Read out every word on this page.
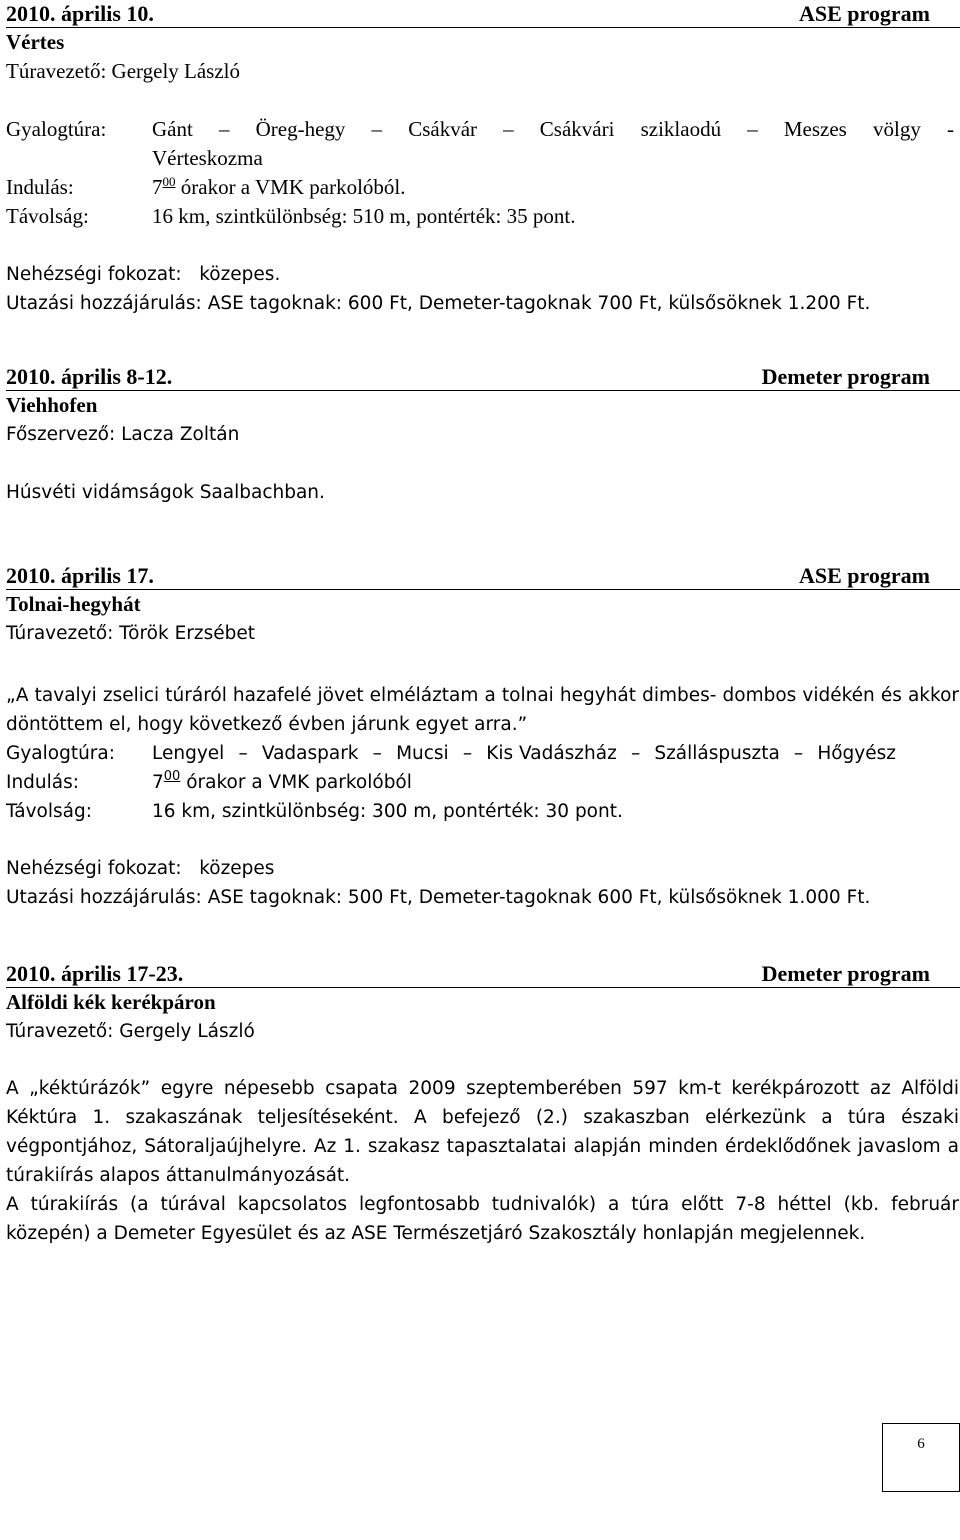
2010. április 10.	ASE program
Vértes
Túravezető: Gergely László
Gyalogtúra:	Gánt – Öreg-hegy – Csákvár – Csákvári sziklaodú – Meszes völgy -
Vérteskozma
Indulás:	$7^{00}$ órakor a VMK parkolóból.
Távolság:	16 km, szintkülönbség: 510 m, pontérték: 35 pont.
Nehézségi fokozat: közepes.
Utazási hozzájárulás: ASE tagoknak: 600 Ft, Demeter-tagoknak 700 Ft, külsősöknek 1.200 Ft.
2010. április 8-12.	Demeter program
Viehhofen
Főszervező: Lacza Zoltán
Húsvéti vidámságok Saalbachban.
2010. április 17.	ASE program
Tolnai-hegyhát
Túravezető: Török Erzsébet
„A tavalyi zselici túráról hazafelé jövet elméláztam a tolnai hegyhát dimbes- dombos vidékén és akkor döntöttem el, hogy következő évben járunk egyet arra.”
Gyalogtúra:	Lengyel – Vadaspark – Mucsi – Kis Vadászház – Szálláspuszta – Hőgyész
Indulás:	$7^{00}$ órakor a VMK parkolóból
Távolság:	16 km, szintkülönbség: 300 m, pontérték: 30 pont.
Nehézségi fokozat: közepes
Utazási hozzájárulás: ASE tagoknak: 500 Ft, Demeter-tagoknak 600 Ft, külsősöknek 1.000 Ft.
2010. április 17-23.	Demeter program
Alföldi kék kerékpáron
Túravezető: Gergely László
A „kéktúrázók” egyre népesebb csapata 2009 szeptemberében 597 km-t kerékpározott az Alföldi Kéktúra 1. szakaszának teljesítéseként. A befejező (2.) szakaszban elérkezünk a túra északi végpontjához, Sátoraljaújhelyre. Az 1. szakasz tapasztalatai alapján minden érdeklődőnek javaslom a túrakiírás alapos áttanulmányozását.
A túrakiírás (a túrával kapcsolatos legfontosabb tudnivalók) a túra előtt 7-8 héttel (kb. február közepén) a Demeter Egyesület és az ASE Természetjáró Szakosztály honlapján megjelennek.
6
